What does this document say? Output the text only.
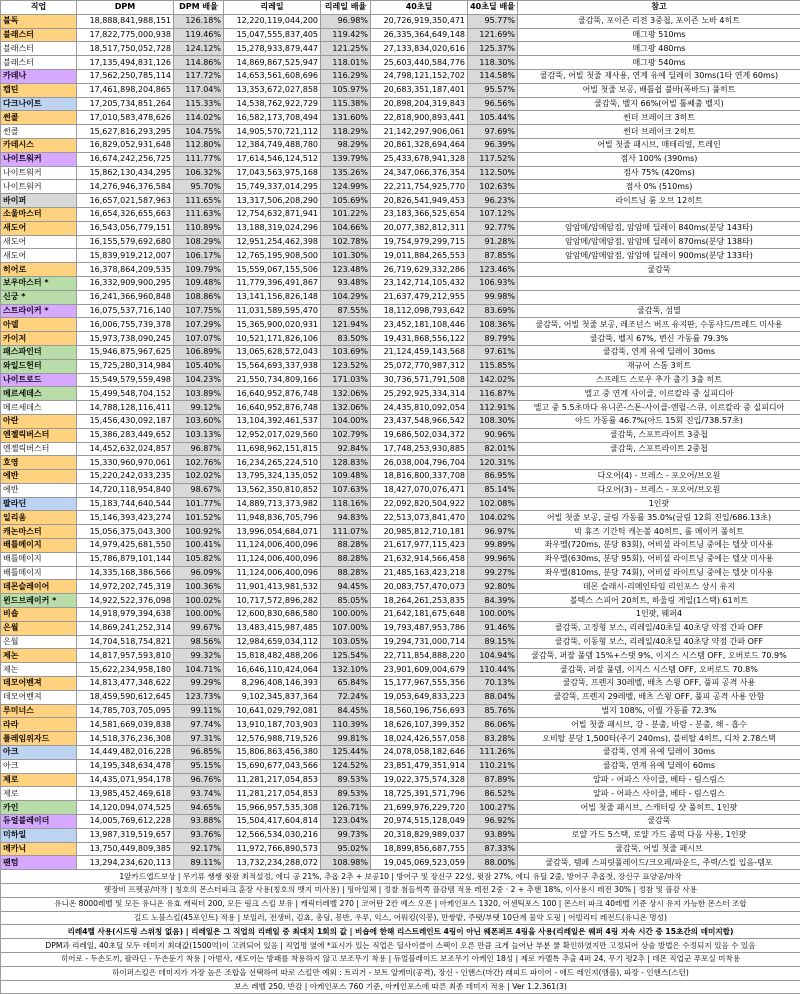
직업	DPM	DPM 배율	리레일	리레일 배율	40초딜	40초딜 배율	참고
불독	18,888,841,988,151	126.18%	12,220,119,044,200	96.98%	20,726,919,350,471	95.77%	쿨감뚝, 포이즌 리전 3중첩, 포이즌 노바 4히트
블래스터	17,822,775,000,938	119.46%	15,047,555,837,405	119.42%	26,335,364,649,148	121.69%	매그팡 510ms
블래스터	18,517,750,052,728	124.12%	15,278,933,879,447	121.25%	27,133,834,020,616	125.37%	매그팡 480ms
블래스터	17,135,494,831,126	114.86%	14,869,867,525,947	118.01%	25,603,440,584,776	118.30%	매그팡 540ms
카데나	17,562,250,785,114	117.72%	14,653,561,608,696	116.29%	24,798,121,152,702	114.58%	쿨감뚝, 어빌 첫줄 재사용, 연계 유예 딜레이 30ms(1타 연계 60ms)
캡틴	17,461,898,204,865	117.04%	13,353,672,027,858	105.97%	20,683,351,187,401	95.57%	어빌 첫줄 보공, 배틀쉽 불바(폭바드) 풀히트
다크나이트	17,205,734,851,264	115.33%	14,538,762,922,729	115.38%	20,898,204,319,843	96.56%	쿨감뚝, 벨지 66%(어빌 톨쎄출 벨지)
썬콜	17,010,583,478,626	114.02%	16,582,173,708,494	131.60%	22,818,900,893,441	105.44%	썬더 브레이크 3히트
썬콜	15,627,816,293,295	104.75%	14,905,570,721,112	118.29%	21,142,297,906,061	97.69%	썬더 브레이크 2히트
카데시스	16,829,052,931,648	112.80%	12,384,749,488,780	98.29%	20,861,328,694,464	96.39%	어빌 첫줄 패시브, 매테리얼, 트레인
나이트워커	16,674,242,256,725	111.77%	17,614,546,124,512	139.79%	25,433,678,941,328	117.52%	점사 100% (390ms)
나이트워커	15,862,130,434,295	106.32%	17,043,563,975,168	135.26%	24,347,066,376,354	112.50%	점사 75% (420ms)
나이트워커	14,276,946,376,584	95.70%	15,749,337,014,295	124.99%	22,211,754,925,770	102.63%	점사 0% (510ms)
바이퍼	16,657,021,587,963	111.65%	13,317,506,208,290	105.69%	20,826,541,949,453	96.23%	라이트닝 룸 오브 12히트
소울마스터	16,654,326,655,663	111.63%	12,754,632,871,941	101.22%	23,183,366,525,654	107.12%	
새도어	16,543,056,779,151	110.89%	13,188,319,024,296	104.66%	20,077,382,812,311	92.77%	암암메/암메암점, 암암메 딜레이 840ms(분당 143타)
새도어	16,155,579,692,680	108.29%	12,951,254,462,398	102.78%	19,754,979,299,715	91.28%	암암메/암메암점, 암암메 딜레이 870ms(분당 138타)
새도어	15,839,919,212,007	106.17%	12,765,195,908,500	101.30%	19,011,884,265,553	87.85%	암암메/암메암점, 암암메 딜레이 900ms(분당 133타)
히어로	16,378,864,209,535	109.79%	15,559,067,155,506	123.48%	26,719,629,332,286	123.46%	쿨감뚝
보우마스터 *	16,332,909,900,295	109.48%	11,779,396,491,867	93.48%	23,142,714,105,432	106.93%	
신궁 *	16,241,366,960,848	108.86%	13,141,156,826,148	104.29%	21,637,479,212,955	99.98%	
스트라이커 *	16,075,537,716,140	107.75%	11,031,589,595,470	87.55%	18,112,098,793,642	83.69%	쿨감뚝, 섬멸
아델	16,006,755,739,378	107.29%	15,365,900,020,931	121.94%	23,452,181,108,446	108.36%	쿨감뚝, 어빌 첫줄 보공, 레조넌스 버프 유지딴, 수동샤드/트레드 미사용
카이저	15,973,738,090,245	107.07%	10,521,171,826,106	83.50%	19,431,868,556,122	89.79%	쿨감뚝, 벨지 67%, 변신 가동률 79.3%
패스파인더	15,946,875,967,625	106.89%	13,065,628,572,043	103.69%	21,124,459,143,568	97.61%	쿨감뚝, 연계 유예 딜레이 30ms
와일드헌터	15,725,280,314,984	105.40%	15,564,693,337,938	123.52%	25,072,770,987,312	115.85%	재규어 스톰 3히트
나이트로드	15,549,579,559,498	104.23%	21,550,734,809,166	171.03%	30,736,571,791,508	142.02%	스프레드 스로우 추가 출기 3출 히트
메르세데스	15,499,548,704,152	103.89%	16,640,952,876,748	132.06%	25,292,925,334,314	116.87%	엘고 중 연계 사이클, 이르칼라 중 실피디아
메르세데스	14,788,128,116,411	99.12%	16,640,952,876,748	132.06%	24,435,810,092,054	112.91%	엘고 중 5.5초마다 유니콘-스톤-사이클-엔릴-스큐, 이르칼라 중 실피디아
아란	15,456,430,092,187	103.60%	13,104,392,461,537	104.00%	23,437,548,966,542	108.30%	아드 가동률 46.7%(아드 15회 진입/738.57초)
엔젤릭버스터	15,386,283,449,652	103.13%	12,952,017,029,560	102.79%	19,686,502,034,372	90.96%	쿨감뚝, 스포트라이트 3중첩
엔젤릭버스터	14,452,632,024,857	96.87%	11,698,962,151,815	92.84%	17,748,253,930,885	82.01%	쿨감뚝, 스포트라이트 2중첩
호영	15,330,960,970,061	102.76%	16,234,265,224,510	128.83%	26,038,004,796,704	120.31%	
에반	15,220,242,033,235	102.02%	13,795,324,135,052	109.48%	18,816,800,337,708	86.95%	다오어(4) - 브레스 - 포오어/브오원
에반	14,720,118,954,840	98.67%	13,562,350,810,852	107.63%	18,427,070,076,471	85.14%	다오어(3) - 브레스 - 포오어/브오원
팔라딘	15,183,744,640,544	101.77%	14,889,713,373,982	118.16%	22,092,820,504,922	102.08%	1인팟
일리움	15,146,393,423,274	101.52%	11,948,836,705,796	94.83%	22,513,073,841,470	104.02%	어빌 첫줄 보공, 글림 가동률 35.0%(글림 12회 진입/686.13초)
캐논마스터	15,056,375,043,300	100.92%	13,996,054,684,071	111.07%	20,985,812,710,181	96.97%	빅 휴즈 기간틱 캐논볼 40히트, 롤 메이커 풀히트
배틀메이지	14,979,425,681,550	100.41%	11,124,006,400,096	88.28%	21,617,977,115,423	99.89%	좌우멜(720ms, 분당 83회), 어비셜 라이트닝 중에는 텔샷 미사용
배틀메이지	15,786,879,101,144	105.82%	11,124,006,400,096	88.28%	21,632,914,566,458	99.96%	좌우멜(630ms, 분당 95회), 어비셜 라이트닝 중에는 텔샷 미사용
배틀메이지	14,335,168,386,566	96.09%	11,124,006,400,096	88.28%	21,485,163,423,218	99.27%	좌우멜(810ms, 분당 74회), 어비셜 라이트닝 중에는 텔샷 미사용
데몬슬레이어	14,972,202,745,319	100.36%	11,901,413,981,532	94.45%	20,083,757,470,073	92.80%	데몬 슬래시-리메인타임 리인포스 상시 유지
윈드브레이커 *	14,922,522,376,098	100.02%	10,717,572,896,282	85.05%	18,264,261,253,835	84.39%	볼텍스 스피어 20히트, 하울링 게일(1스택) 61히트
비숍	14,918,979,394,638	100.00%	12,600,830,686,580	100.00%	21,642,181,675,648	100.00%	1인팟, 웨퍼4
은월	14,869,241,252,314	99.67%	13,483,415,987,485	107.00%	19,793,487,953,786	91.46%	쿨감뚝, 고정형 보스, 리레일/40초딜 40초당 약점 간파 OFF
은월	14,704,518,754,821	98.56%	12,984,659,034,112	103.05%	19,294,731,000,714	89.15%	쿨감뚝, 이동형 보스, 리레일/40초딜 40초당 약점 간파 OFF
제논	14,817,957,593,810	99.32%	15,818,482,488,206	125.54%	22,711,854,888,220	104.94%	쿨감뚝, 퍼잘 풀뎀 15%+스탯 9%, 이지스 시스템 OFF, 오버로드 70.9%
제논	15,622,234,958,180	104.71%	16,646,110,424,064	132.10%	23,901,609,004,679	110.44%	쿨감뚝, 퍼잘 풀뎀, 이지스 시스템 OFF, 오버로드 70.8%
데모어벤져	14,813,477,348,622	99.29%	8,296,408,146,393	65.84%	15,177,967,555,356	70.13%	쿨감뚝, 프렌지 30레벨, 배츠 스윙 OFF, 풀피 공격 사용
데모어벤져	18,459,590,612,645	123.73%	9,102,345,837,364	72.24%	19,053,649,833,223	88.04%	쿨감뚝, 프렌지 29레벨, 배츠 스윙 OFF, 풀피 공격 사용 안함
루미너스	14,785,703,705,095	99.11%	10,641,029,792,081	84.45%	18,560,196,756,693	85.76%	벌지 108%, 이퀄 가동률 72.3%
라라	14,581,669,039,838	97.74%	13,910,187,703,903	110.39%	18,626,107,399,352	86.06%	어빌 첫줄 패시브, 강 - 분출, 바람 - 분출, 해 - 흡수
플레임위자드	14,518,376,236,308	97.31%	12,576,988,719,526	99.81%	18,024,426,557,058	83.28%	오비탈 분당 1,500타(주기 240ms), 블비탈 4히트, 디차 2.78스택
아크	14,449,482,016,228	96.85%	15,806,863,456,380	125.44%	24,078,058,182,646	111.26%	쿨감뚝, 연계 유예 딜레이 30ms
아크	14,195,348,634,478	95.15%	15,690,677,043,566	124.52%	23,851,479,351,914	110.21%	쿨감뚝, 연계 유예 딜레이 60ms
제로	14,435,071,954,178	96.76%	11,281,217,054,853	89.53%	19,022,375,574,328	87.89%	알파 - 어파스 사이클, 베타 - 림스림스
제로	13,985,452,469,618	93.74%	11,281,217,054,853	89.53%	18,725,391,571,796	86.52%	알파 - 어파스 사이클, 베타 - 림스림스
카인	14,120,094,074,525	94.65%	15,966,957,535,308	126.71%	21,699,976,229,720	100.27%	어빌 첫줄 패시브, 스캐터링 샷 풀히트, 1인팟
듀얼블레이더	14,005,769,612,228	93.88%	15,504,417,604,814	123.04%	20,974,515,128,049	96.92%	쿨감뚝
미하일	13,987,319,519,657	93.76%	12,566,534,030,216	99.73%	20,318,829,989,037	93.89%	로얄 가드 5스택, 로얄 가드 좀먹 다음 사용, 1인팟
메카닉	13,750,449,809,385	92.17%	11,972,766,890,573	95.02%	18,899,856,687,755	87.33%	쿨감뚝, 어빌 첫줄 패시브
팬텀	13,294,234,620,113	89.11%	13,732,234,288,072	108.98%	19,045,069,523,059	88.00%	쿨감뚝, 템페 스피릿풀레이드/크오페/파운드, 주력/스킬 입음-템포
1앞카드앱드보상 | 무기류 쌩쌩 윗잠 최적설정, 에디 공 21%, 추옵 2추 + 보공10 | 방어구 및 장신구 22성, 윗잠 27%, 에디 유딜 2줄, 방어구 추옵첫, 장신구 표양공/마작							
펫장비 프펫공/마작 | 칭호의 몬스터파크 훈장 사용(칭호의 뱃지 미사용) | 띵아일체 | 정찰 첨들썩쪽 플감템 적용 레전 2중 · 2 + 추핸 18%, 이사용시 레전 30% | 정참 및 플감 사용							
유니온 8000레벨 및 모든 유니온 유효 캐릭터 200, 모든 링크 스킬 보유 | 캐릭터레벨 270 | 코어탄 2칸 예스 오픈 | 아케인포스 1320, 어센틱포스 100 | 몬스터 파크 40레벨 기준 상시 유지 가능한 몬스터 조합							
길드 노블스킬(45포인트) 적용 | 보일러, 전생비, 김쵸, 총딩, 봉반, 우루, 익스, 어워킹(익봉), 만쌍밭, 주탯/부탯 10단계 물약 도핑 | 어빌리티 레전드(유니온 명성)							
리레4렐 사용(시드링 스위칭 없음) | 리레일은 그 직업의 리레일 중 최대치 1회의 값 | 비숍에 한해 리스트레인트 4링이 아닌 웨폰퍼프 4링을 사용(리레일은 웨퍼 4링 지속 시간 중 15초간의 데미지합)							
DPM과 리레일, 40초딜 모두 데미지 최대값(1500억)이 고려되어 있음 | 직업명 옆에 *표시가 있는 직업은 딜사이클이 스펙이 오른 만큼 크게 늘어난 부분 쿨 확인하였지만 고정되어 상술 방법은 수정되지 있음 수 있음							
히어로 - 두손도끼, 팔라딘 - 두손둔기 착용 | 아범사, 새도어는 방패를 착용하지 않고 보조무기 착용 | 듀얼블레이드 보조무기 아케인 18성 | 제로 카멜톡 추출 4퍼 24, 무기 평2추 | 데몬 직업군 푸포실 미착용							
하이퍼스킬은 데미지가 가장 높은 조합을 선택하여 따로 스킬만 예외 : 트리거 - 보트 알케미(공격), 장신 - 인핸스(마간) 래피드 파이어 - 애드 레인지(앰블), 파장 - 인핸스(스턴)							
보스 레벨 250, 반감 | 아케인포스 760 기준, 아케인포스에 따른 최종 데미지 적용 | Ver 1.2.361(3)							
